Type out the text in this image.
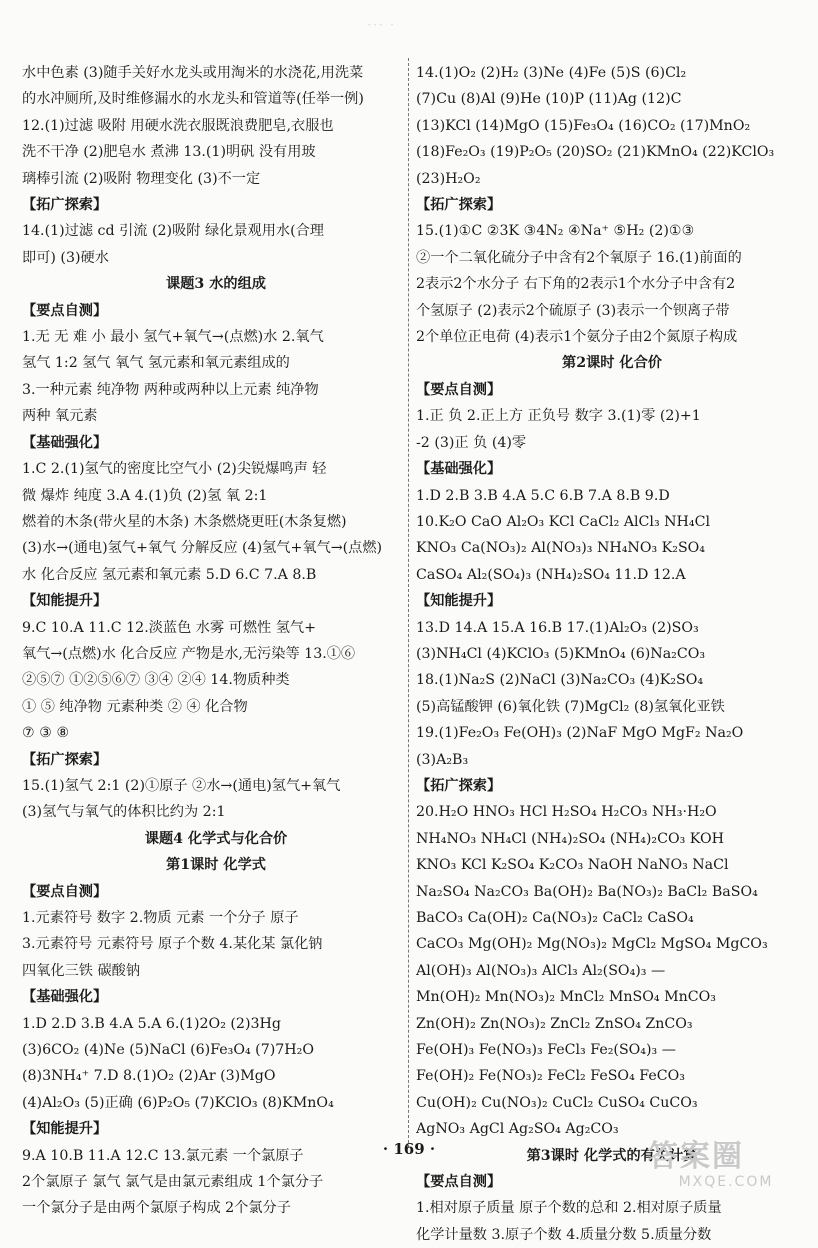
--- -
水中色素 (3)随手关好水龙头或用淘米的水浇花,用洗菜
的水冲厕所,及时维修漏水的水龙头和管道等(任举一例)
12.(1)过滤 吸附 用硬水洗衣服既浪费肥皂,衣服也
洗不干净 (2)肥皂水 煮沸 13.(1)明矾 没有用玻
璃棒引流 (2)吸附 物理变化 (3)不一定
【拓广探索】
14.(1)过滤 cd 引流 (2)吸附 绿化景观用水(合理
即可) (3)硬水
课题3 水的组成
【要点自测】
1.无 无 难 小 最小 氢气+氧气→(点燃)水 2.氧气
氢气 1:2 氢气 氧气 氢元素和氧元素组成的
3.一种元素 纯净物 两种或两种以上元素 纯净物
两种 氧元素
【基础强化】
1.C 2.(1)氢气的密度比空气小 (2)尖锐爆鸣声 轻
微 爆炸 纯度 3.A 4.(1)负 (2)氢 氧 2:1
燃着的木条(带火星的木条) 木条燃烧更旺(木条复燃)
(3)水→(通电)氢气+氧气 分解反应 (4)氢气+氧气→(点燃)
水 化合反应 氢元素和氧元素 5.D 6.C 7.A 8.B
【知能提升】
9.C 10.A 11.C 12.淡蓝色 水雾 可燃性 氢气+
氧气→(点燃)水 化合反应 产物是水,无污染等 13.①⑥
②⑤⑦ ①②⑤⑥⑦ ③④ ②④ 14.物质种类
① ⑤ 纯净物 元素种类 ② ④ 化合物
⑦ ③ ⑧
【拓广探索】
15.(1)氢气 2:1 (2)①原子 ②水→(通电)氢气+氧气
(3)氢气与氧气的体积比约为 2:1
课题4 化学式与化合价
第1课时 化学式
【要点自测】
1.元素符号 数字 2.物质 元素 一个分子 原子
3.元素符号 元素符号 原子个数 4.某化某 氯化钠
四氧化三铁 碳酸钠
【基础强化】
1.D 2.D 3.B 4.A 5.A 6.(1)2O₂ (2)3Hg
(3)6CO₂ (4)Ne (5)NaCl (6)Fe₃O₄ (7)7H₂O
(8)3NH₄⁺ 7.D 8.(1)O₂ (2)Ar (3)MgO
(4)Al₂O₃ (5)正确 (6)P₂O₅ (7)KClO₃ (8)KMnO₄
【知能提升】
9.A 10.B 11.A 12.C 13.氯元素 一个氯原子
2个氯原子 氯气 氯气是由氯元素组成 1个氯分子
一个氯分子是由两个氯原子构成 2个氯分子
14.(1)O₂ (2)H₂ (3)Ne (4)Fe (5)S (6)Cl₂
(7)Cu (8)Al (9)He (10)P (11)Ag (12)C
(13)KCl (14)MgO (15)Fe₃O₄ (16)CO₂ (17)MnO₂
(18)Fe₂O₃ (19)P₂O₅ (20)SO₂ (21)KMnO₄ (22)KClO₃
(23)H₂O₂
【拓广探索】
15.(1)①C ②3K ③4N₂ ④Na⁺ ⑤H₂ (2)①③
②一个二氧化硫分子中含有2个氧原子 16.(1)前面的
2表示2个水分子 右下角的2表示1个水分子中含有2
个氢原子 (2)表示2个硫原子 (3)表示一个钡离子带
2个单位正电荷 (4)表示1个氨分子由2个氮原子构成
第2课时 化合价
【要点自测】
1.正 负 2.正上方 正负号 数字 3.(1)零 (2)+1
-2 (3)正 负 (4)零
【基础强化】
1.D 2.B 3.B 4.A 5.C 6.B 7.A 8.B 9.D
10.K₂O CaO Al₂O₃ KCl CaCl₂ AlCl₃ NH₄Cl
KNO₃ Ca(NO₃)₂ Al(NO₃)₃ NH₄NO₃ K₂SO₄
CaSO₄ Al₂(SO₄)₃ (NH₄)₂SO₄ 11.D 12.A
【知能提升】
13.D 14.A 15.A 16.B 17.(1)Al₂O₃ (2)SO₃
(3)NH₄Cl (4)KClO₃ (5)KMnO₄ (6)Na₂CO₃
18.(1)Na₂S (2)NaCl (3)Na₂CO₃ (4)K₂SO₄
(5)高锰酸钾 (6)氧化铁 (7)MgCl₂ (8)氢氧化亚铁
19.(1)Fe₂O₃ Fe(OH)₃ (2)NaF MgO MgF₂ Na₂O
(3)A₂B₃
【拓广探索】
20.H₂O HNO₃ HCl H₂SO₄ H₂CO₃ NH₃·H₂O
NH₄NO₃ NH₄Cl (NH₄)₂SO₄ (NH₄)₂CO₃ KOH
KNO₃ KCl K₂SO₄ K₂CO₃ NaOH NaNO₃ NaCl
Na₂SO₄ Na₂CO₃ Ba(OH)₂ Ba(NO₃)₂ BaCl₂ BaSO₄
BaCO₃ Ca(OH)₂ Ca(NO₃)₂ CaCl₂ CaSO₄
CaCO₃ Mg(OH)₂ Mg(NO₃)₂ MgCl₂ MgSO₄ MgCO₃
Al(OH)₃ Al(NO₃)₃ AlCl₃ Al₂(SO₄)₃ —
Mn(OH)₂ Mn(NO₃)₂ MnCl₂ MnSO₄ MnCO₃
Zn(OH)₂ Zn(NO₃)₂ ZnCl₂ ZnSO₄ ZnCO₃
Fe(OH)₃ Fe(NO₃)₃ FeCl₃ Fe₂(SO₄)₃ —
Fe(OH)₂ Fe(NO₃)₂ FeCl₂ FeSO₄ FeCO₃
Cu(OH)₂ Cu(NO₃)₂ CuCl₂ CuSO₄ CuCO₃
AgNO₃ AgCl Ag₂SO₄ Ag₂CO₃
第3课时 化学式的有关计算
【要点自测】
1.相对原子质量 原子个数的总和 2.相对原子质量
化学计量数 3.原子个数 4.质量分数 5.质量分数
· 169 ·	答案圈
MXQE.COM
